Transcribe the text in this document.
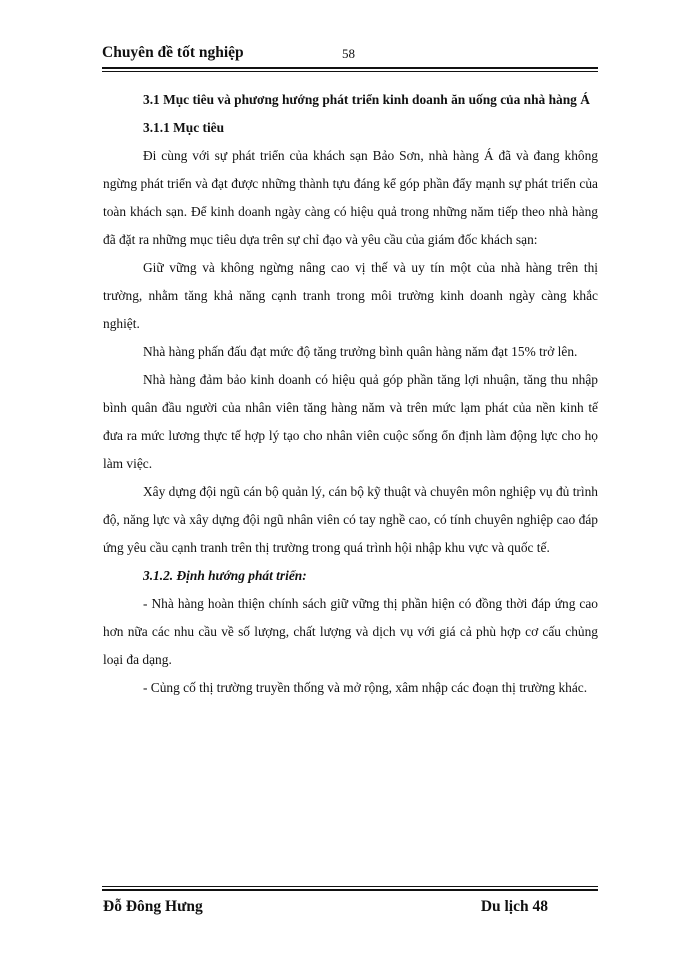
Chuyên đề tốt nghiệp	58

3.1 Mục tiêu và phương hướng phát triển kinh doanh ăn uống của nhà hàng Á

3.1.1 Mục tiêu

Đi cùng với sự phát triển của khách sạn Bảo Sơn, nhà hàng Á đã và đang không ngừng phát triển và đạt được những thành tựu đáng kể góp phần đẩy mạnh sự phát triển của toàn khách sạn. Để kinh doanh ngày càng có hiệu quả trong những năm tiếp theo nhà hàng đã đặt ra những mục tiêu dựa trên sự chỉ đạo và yêu cầu của giám đốc khách sạn:

Giữ vững và không ngừng nâng cao vị thế và uy tín một của nhà hàng trên thị trường, nhằm tăng khả năng cạnh tranh trong môi trường kinh doanh ngày càng khắc nghiệt.

Nhà hàng phấn đấu đạt mức độ tăng trưởng bình quân hàng năm đạt 15% trở lên.

Nhà hàng đảm bảo kinh doanh có hiệu quả góp phần tăng lợi nhuận, tăng thu nhập bình quân đầu người của nhân viên tăng hàng năm và trên mức lạm phát của nền kinh tế đưa ra mức lương thực tế hợp lý tạo cho nhân viên cuộc sống ổn định làm động lực cho họ làm việc.

Xây dựng đội ngũ cán bộ quản lý, cán bộ kỹ thuật và chuyên môn nghiệp vụ đủ trình độ, năng lực và xây dựng đội ngũ nhân viên có tay nghề cao, có tính chuyên nghiệp cao đáp ứng yêu cầu cạnh tranh trên thị trường trong quá trình hội nhập khu vực và quốc tế.

3.1.2. Định hướng phát triển:

- Nhà hàng hoàn thiện chính sách giữ vững thị phần hiện có đồng thời đáp ứng cao hơn nữa các nhu cầu về số lượng, chất lượng và dịch vụ với giá cả phù hợp cơ cấu chủng loại đa dạng.

- Củng cố thị trường truyền thống và mở rộng, xâm nhập các đoạn thị trường khác.

Đỗ Đông Hưng	Du lịch 48
